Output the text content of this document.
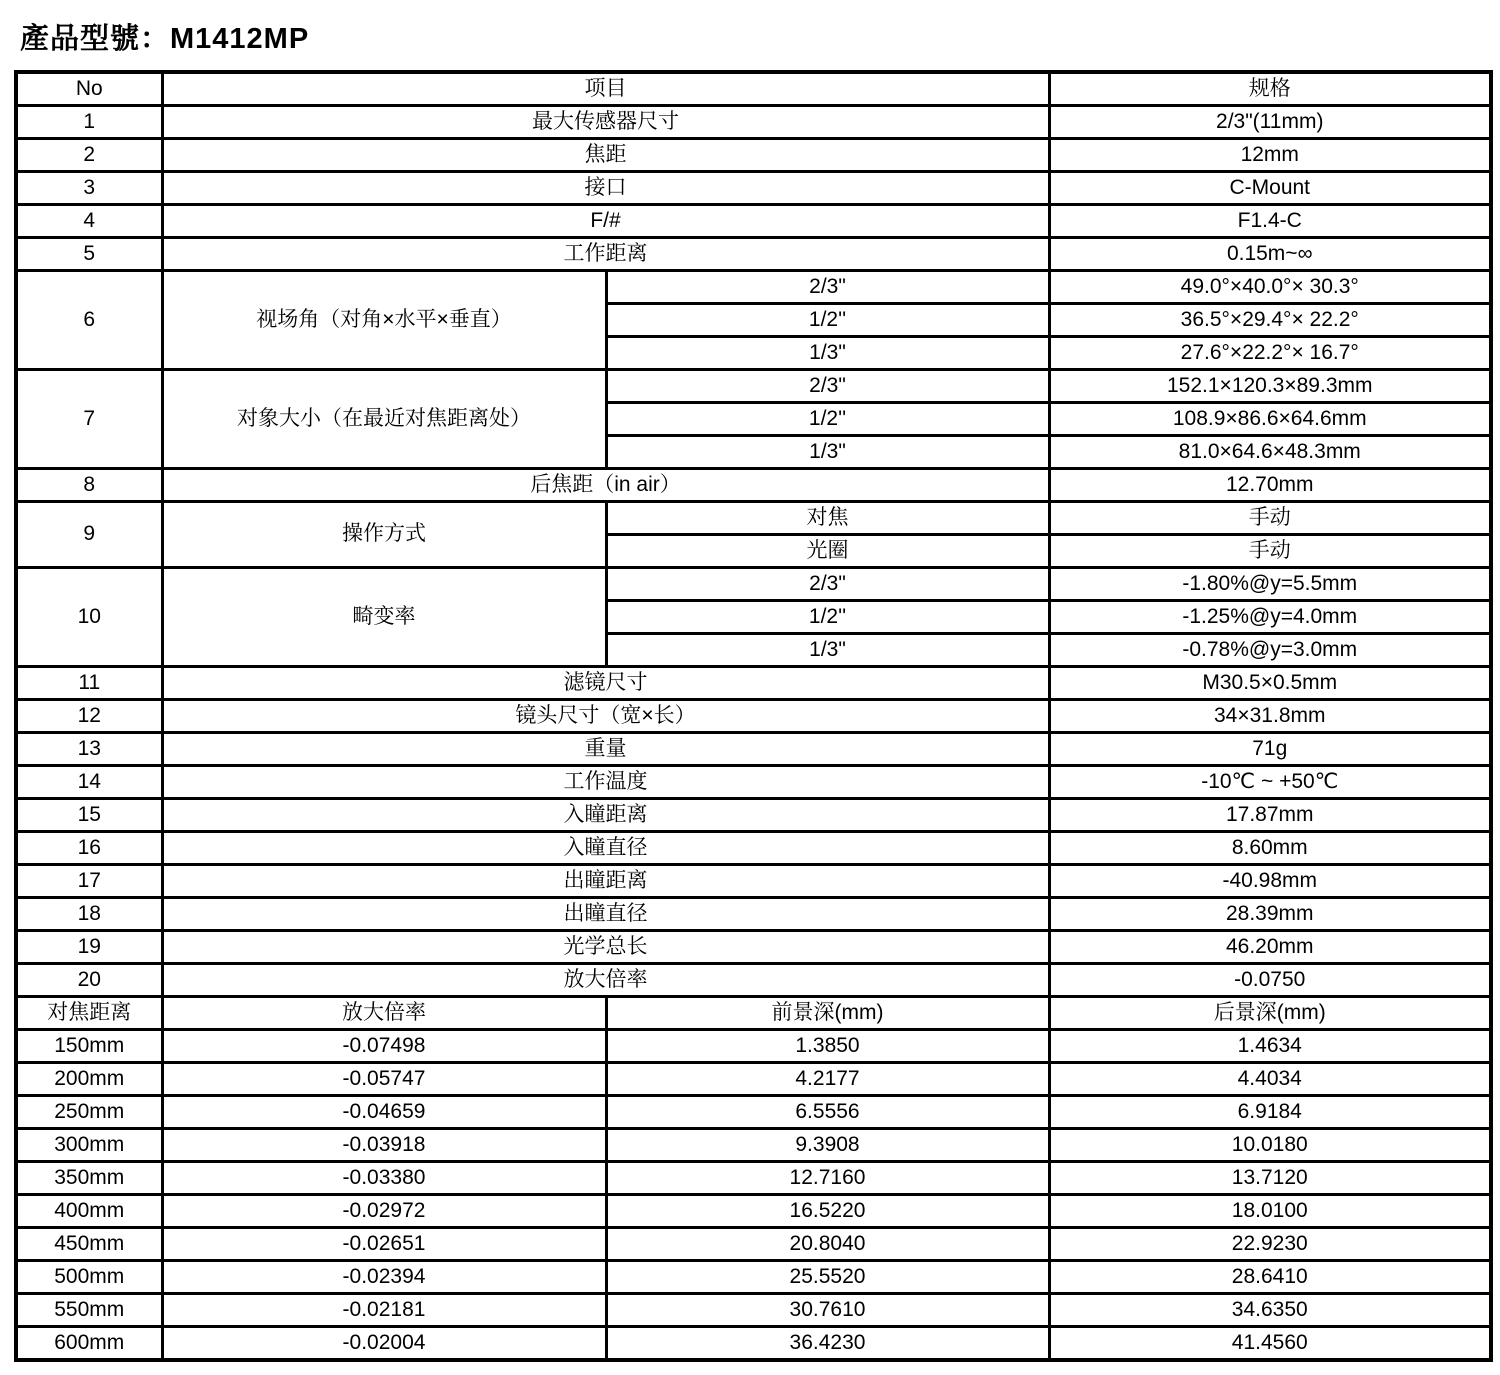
產品型號：M1412MP
No	项目		规格
1	最大传感器尺寸		2/3"(11mm)
2	焦距		12mm
3	接口		C-Mount
4	F/#		F1.4-C
5	工作距离		0.15m~∞
6	视场角（对角×水平×垂直）	2/3"	49.0°×40.0°× 30.3°
		1/2''	36.5°×29.4°× 22.2°
		1/3"	27.6°×22.2°× 16.7°
7	对象大小（在最近对焦距离处）	2/3"	152.1×120.3×89.3mm
		1/2''	108.9×86.6×64.6mm
		1/3"	81.0×64.6×48.3mm
8	后焦距（in air）		12.70mm
9	操作方式	对焦	手动
		光圈	手动
10	畸变率	2/3"	-1.80%@y=5.5mm
		1/2''	-1.25%@y=4.0mm
		1/3"	-0.78%@y=3.0mm
11	滤镜尺寸		M30.5×0.5mm
12	镜头尺寸（宽×长）		34×31.8mm
13	重量		71g
14	工作温度		-10℃ ~ +50℃
15	入瞳距离		17.87mm
16	入瞳直径		8.60mm
17	出瞳距离		-40.98mm
18	出瞳直径		28.39mm
19	光学总长		46.20mm
20	放大倍率		-0.0750
对焦距离	放大倍率	前景深(mm)	后景深(mm)
150mm	-0.07498	1.3850	1.4634
200mm	-0.05747	4.2177	4.4034
250mm	-0.04659	6.5556	6.9184
300mm	-0.03918	9.3908	10.0180
350mm	-0.03380	12.7160	13.7120
400mm	-0.02972	16.5220	18.0100
450mm	-0.02651	20.8040	22.9230
500mm	-0.02394	25.5520	28.6410
550mm	-0.02181	30.7610	34.6350
600mm	-0.02004	36.4230	41.4560
